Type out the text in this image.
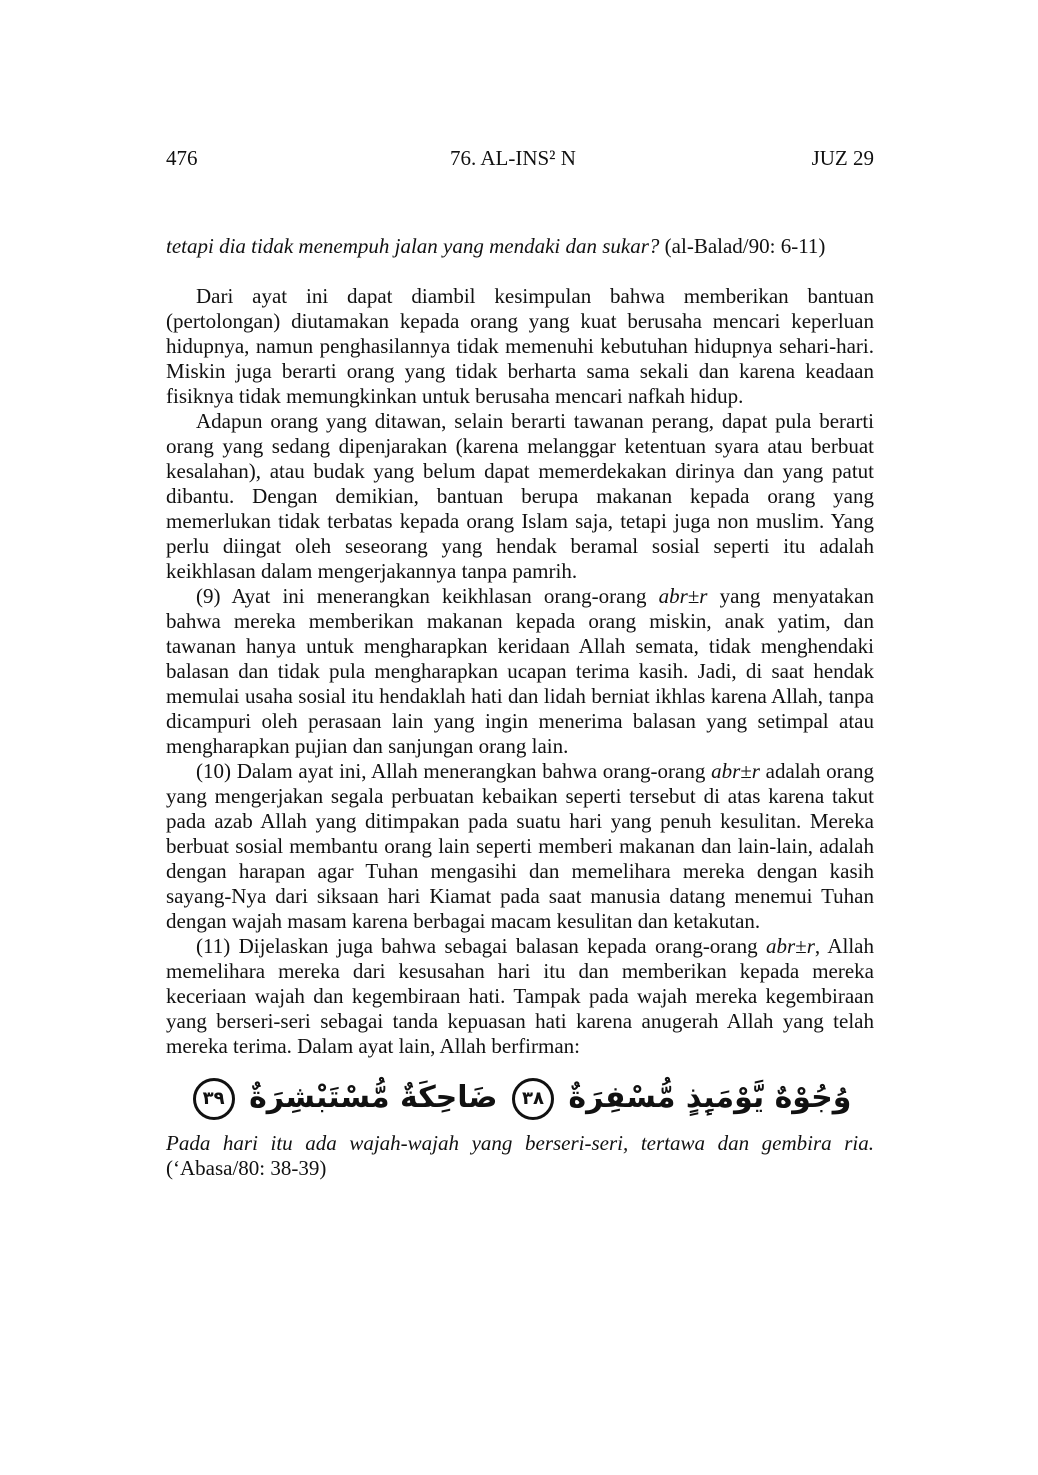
476	76. AL-INS² N	JUZ 29

tetapi dia tidak menempuh jalan yang mendaki dan sukar? (al-Balad/90: 6-11)

Dari ayat ini dapat diambil kesimpulan bahwa memberikan bantuan (pertolongan) diutamakan kepada orang yang kuat berusaha mencari keperluan hidupnya, namun penghasilannya tidak memenuhi kebutuhan hidupnya sehari-hari. Miskin juga berarti orang yang tidak berharta sama sekali dan karena keadaan fisiknya tidak memungkinkan untuk berusaha mencari nafkah hidup.

Adapun orang yang ditawan, selain berarti tawanan perang, dapat pula berarti orang yang sedang dipenjarakan (karena melanggar ketentuan syara atau berbuat kesalahan), atau budak yang belum dapat memerdekakan dirinya dan yang patut dibantu. Dengan demikian, bantuan berupa makanan kepada orang yang memerlukan tidak terbatas kepada orang Islam saja, tetapi juga non muslim. Yang perlu diingat oleh seseorang yang hendak beramal sosial seperti itu adalah keikhlasan dalam mengerjakannya tanpa pamrih.

(9) Ayat ini menerangkan keikhlasan orang-orang abr±r yang menyatakan bahwa mereka memberikan makanan kepada orang miskin, anak yatim, dan tawanan hanya untuk mengharapkan keridaan Allah semata, tidak menghendaki balasan dan tidak pula mengharapkan ucapan terima kasih. Jadi, di saat hendak memulai usaha sosial itu hendaklah hati dan lidah berniat ikhlas karena Allah, tanpa dicampuri oleh perasaan lain yang ingin menerima balasan yang setimpal atau mengharapkan pujian dan sanjungan orang lain.

(10) Dalam ayat ini, Allah menerangkan bahwa orang-orang abr±r adalah orang yang mengerjakan segala perbuatan kebaikan seperti tersebut di atas karena takut pada azab Allah yang ditimpakan pada suatu hari yang penuh kesulitan. Mereka berbuat sosial membantu orang lain seperti memberi makanan dan lain-lain, adalah dengan harapan agar Tuhan mengasihi dan memelihara mereka dengan kasih sayang-Nya dari siksaan hari Kiamat pada saat manusia datang menemui Tuhan dengan wajah masam karena berbagai macam kesulitan dan ketakutan.

(11) Dijelaskan juga bahwa sebagai balasan kepada orang-orang abr±r, Allah memelihara mereka dari kesusahan hari itu dan memberikan kepada mereka keceriaan wajah dan kegembiraan hati. Tampak pada wajah mereka kegembiraan yang berseri-seri sebagai tanda kepuasan hati karena anugerah Allah yang telah mereka terima. Dalam ayat lain, Allah berfirman:

وُجُوْهٌ يَّوْمَىِٕذٍ مُّسْفِرَةٌ ٣٨ ضَاحِكَةٌ مُّسْتَبْشِرَةٌ ٣٩

Pada hari itu ada wajah-wajah yang berseri-seri, tertawa dan gembira ria. (‘Abasa/80: 38-39)
